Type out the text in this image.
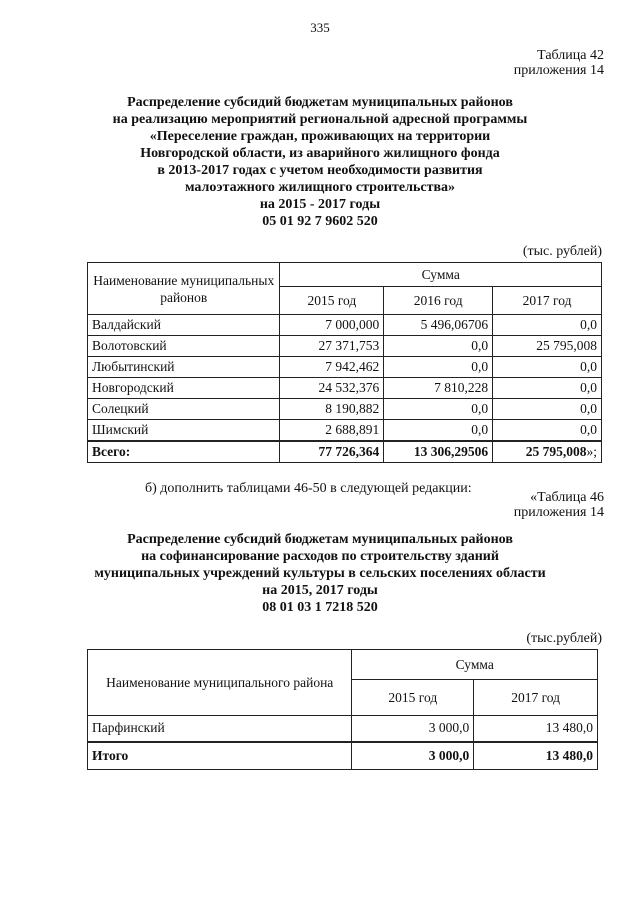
335
Таблица 42
приложения 14
Распределение субсидий бюджетам муниципальных районов
на реализацию мероприятий региональной адресной программы
«Переселение граждан, проживающих на территории
Новгородской области, из аварийного жилищного фонда
в 2013-2017 годах с учетом необходимости развития
малоэтажного жилищного строительства»
на 2015 - 2017 годы
05 01 92 7 9602 520
(тыс. рублей)
Наименование муниципальных районов	Сумма		
	2015 год	2016 год	2017 год
Валдайский	7 000,000	5 496,06706	0,0
Волотовский	27 371,753	0,0	25 795,008
Любытинский	7 942,462	0,0	0,0
Новгородский	24 532,376	7 810,228	0,0
Солецкий	8 190,882	0,0	0,0
Шимский	2 688,891	0,0	0,0
Всего:	77 726,364	13 306,29506	25 795,008»;
б) дополнить таблицами 46-50 в следующей редакции:
«Таблица 46
приложения 14
Распределение субсидий бюджетам муниципальных районов
на софинансирование расходов по строительству зданий
муниципальных учреждений культуры в сельских поселениях области
на 2015, 2017 годы
08 01 03 1 7218 520
(тыс.рублей)
Наименование муниципального района	Сумма	
	2015 год	2017 год
Парфинский	3 000,0	13 480,0
Итого	3 000,0	13 480,0
